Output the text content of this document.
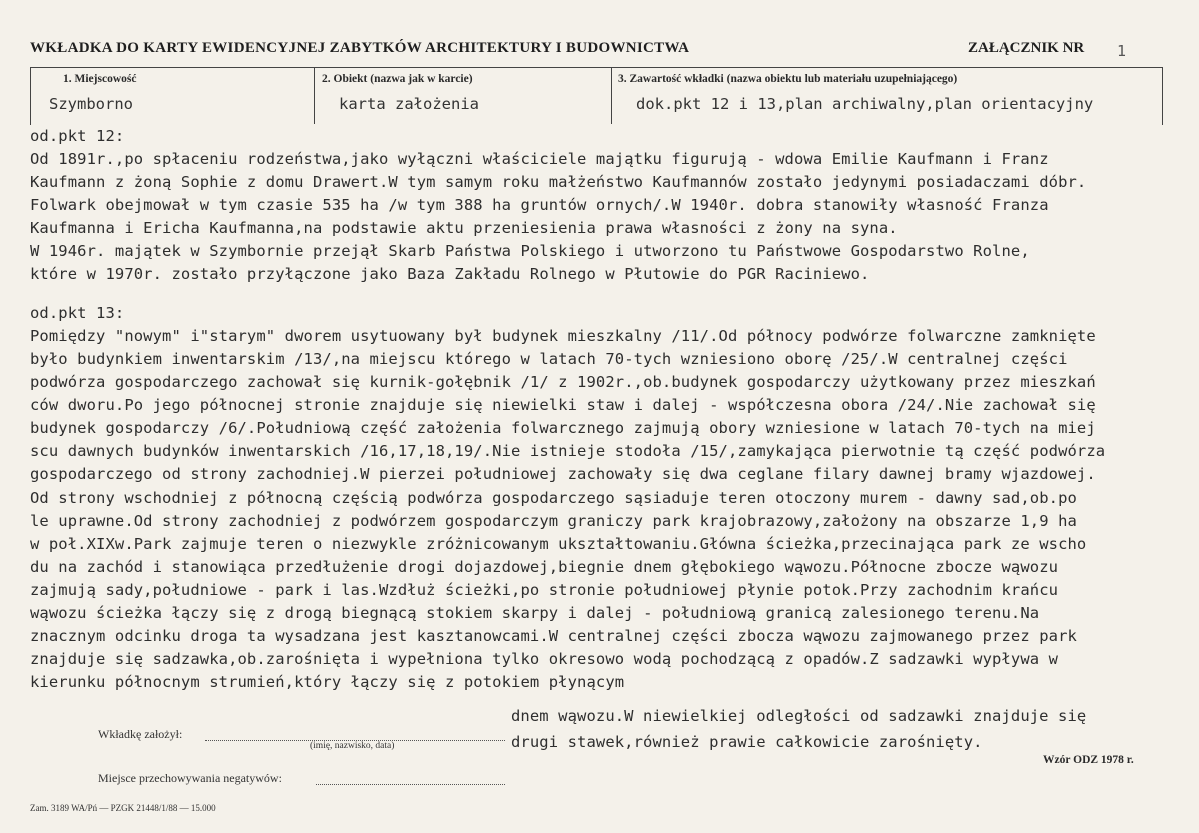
WKŁADKA DO KARTY EWIDENCYJNEJ ZABYTKÓW ARCHITEKTURY I BUDOWNICTWA	ZAŁĄCZNIK NR 1
1. Miejscowość
Szymborno
2. Obiekt (nazwa jak w karcie)
karta założenia
3. Zawartość wkładki (nazwa obiektu lub materiału uzupełniającego)
dok.pkt 12 i 13,plan archiwalny,plan orientacyjny
od.pkt 12:
Od 1891r.,po spłaceniu rodzeństwa,jako wyłączni właściciele majątku figurują - wdowa Emilie Kaufmann i Franz
Kaufmann z żoną Sophie z domu Drawert.W tym samym roku małżeństwo Kaufmannów zostało jedynymi posiadaczami dóbr.
Folwark obejmował w tym czasie 535 ha /w tym 388 ha gruntów ornych/.W 1940r. dobra stanowiły własność Franza
Kaufmanna i Ericha Kaufmanna,na podstawie aktu przeniesienia prawa własności z żony na syna.
W 1946r. majątek w Szymbornie przejął Skarb Państwa Polskiego i utworzono tu Państwowe Gospodarstwo Rolne,
które w 1970r. zostało przyłączone jako Baza Zakładu Rolnego w Płutowie do PGR Raciniewo.
od.pkt 13:
Pomiędzy "nowym" i"starym" dworem usytuowany był budynek mieszkalny /11/.Od północy podwórze folwarczne zamknięte
było budynkiem inwentarskim /13/,na miejscu którego w latach 70-tych wzniesiono oborę /25/.W centralnej części
podwórza gospodarczego zachował się kurnik-gołębnik /1/ z 1902r.,ob.budynek gospodarczy użytkowany przez mieszkań
ców dworu.Po jego północnej stronie znajduje się niewielki staw i dalej - współczesna obora /24/.Nie zachował się
budynek gospodarczy /6/.Południową część założenia folwarcznego zajmują obory wzniesione w latach 70-tych na miej
scu dawnych budynków inwentarskich /16,17,18,19/.Nie istnieje stodoła /15/,zamykająca pierwotnie tą część podwórza
gospodarczego od strony zachodniej.W pierzei południowej zachowały się dwa ceglane filary dawnej bramy wjazdowej.
Od strony wschodniej z północną częścią podwórza gospodarczego sąsiaduje teren otoczony murem - dawny sad,ob.po
le uprawne.Od strony zachodniej z podwórzem gospodarczym graniczy park krajobrazowy,założony na obszarze 1,9 ha
w poł.XIXw.Park zajmuje teren o niezwykle zróżnicowanym ukształtowaniu.Główna ścieżka,przecinająca park ze wscho
du na zachód i stanowiąca przedłużenie drogi dojazdowej,biegnie dnem głębokiego wąwozu.Północne zbocze wąwozu
zajmują sady,południowe - park i las.Wzdłuż ścieżki,po stronie południowej płynie potok.Przy zachodnim krańcu
wąwozu ścieżka łączy się z drogą biegnącą stokiem skarpy i dalej - południową granicą zalesionego terenu.Na
znacznym odcinku droga ta wysadzana jest kasztanowcami.W centralnej części zbocza wąwozu zajmowanego przez park
znajduje się sadzawka,ob.zarośnięta i wypełniona tylko okresowo wodą pochodzącą z opadów.Z sadzawki wypływa w
kierunku północnym strumień,który łączy się z potokiem płynącym
dnem wąwozu.W niewielkiej odległości od sadzawki znajduje się
drugi stawek,również prawie całkowicie zarośnięty.
Wkładkę założył:
(imię, nazwisko, data)
Miejsce przechowywania negatywów:
Wzór ODZ 1978 r.
Zam. 3189 WA/Pń — PZGK 21448/1/88 — 15.000
